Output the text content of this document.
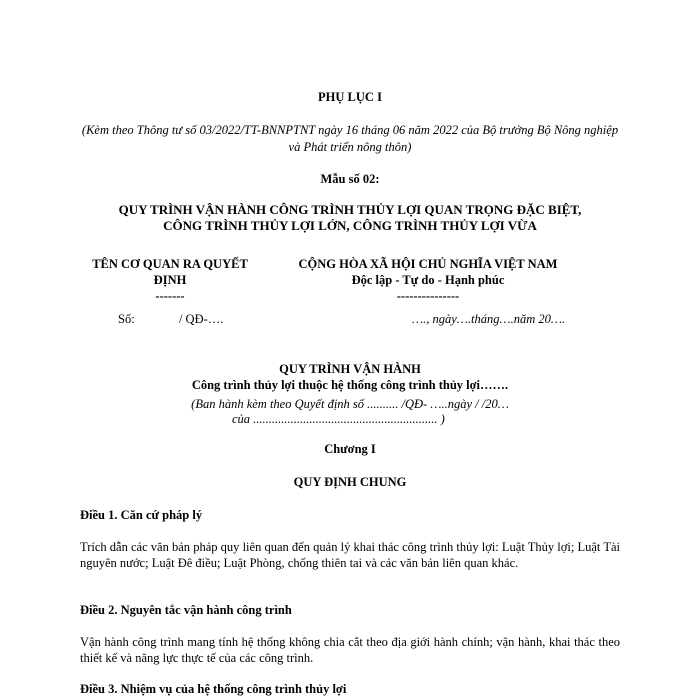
PHỤ LỤC I
(Kèm theo Thông tư số 03/2022/TT-BNNPTNT ngày 16 tháng 06 năm 2022 của Bộ trưởng Bộ Nông nghiệp và Phát triển nông thôn)
Mẫu số 02:
QUY TRÌNH VẬN HÀNH CÔNG TRÌNH THỦY LỢI QUAN TRỌNG ĐẶC BIỆT,
CÔNG TRÌNH THỦY LỢI LỚN, CÔNG TRÌNH THỦY LỢI VỪA
TÊN CƠ QUAN RA QUYẾT ĐỊNH
-------
CỘNG HÒA XÃ HỘI CHỦ NGHĨA VIỆT NAM
Độc lập - Tự do - Hạnh phúc
---------------
Số:	/ QĐ-….	…., ngày….tháng….năm 20….
QUY TRÌNH VẬN HÀNH
Công trình thủy lợi thuộc hệ thống công trình thủy lợi…….
(Ban hành kèm theo Quyết định số .......... /QĐ- …..ngày / /20…
của ........................................................... )
Chương I
QUY ĐỊNH CHUNG
Điều 1. Căn cứ pháp lý
Trích dẫn các văn bản pháp quy liên quan đến quản lý khai thác công trình thủy lợi: Luật Thủy lợi; Luật Tài nguyên nước; Luật Đê điều; Luật Phòng, chống thiên tai và các văn bản liên quan khác.
Điều 2. Nguyên tắc vận hành công trình
Vận hành công trình mang tính hệ thống không chia cắt theo địa giới hành chính; vận hành, khai thác theo thiết kế và năng lực thực tế của các công trình.
Điều 3. Nhiệm vụ của hệ thống công trình thủy lợi
